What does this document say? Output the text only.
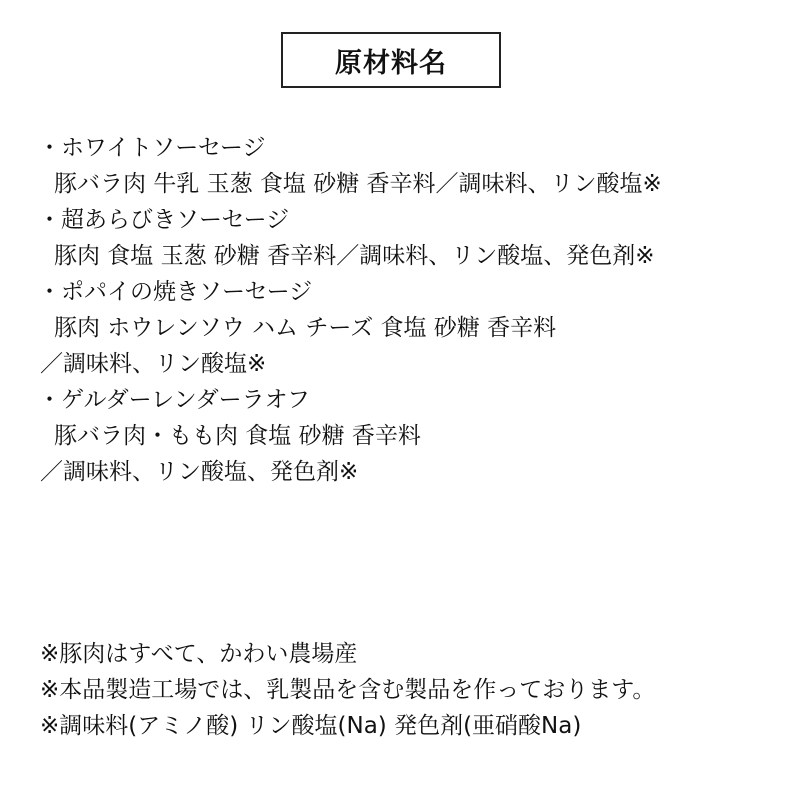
原材料名
・ホワイトソーセージ
豚バラ肉 牛乳 玉葱 食塩 砂糖 香辛料／調味料、リン酸塩※
・超あらびきソーセージ
豚肉 食塩 玉葱 砂糖 香辛料／調味料、リン酸塩、発色剤※
・ポパイの焼きソーセージ
豚肉 ホウレンソウ ハム チーズ 食塩 砂糖 香辛料
／調味料、リン酸塩※
・ゲルダーレンダーラオフ
豚バラ肉・もも肉 食塩 砂糖 香辛料
／調味料、リン酸塩、発色剤※
※豚肉はすべて、かわい農場産
※本品製造工場では、乳製品を含む製品を作っております。
※調味料(アミノ酸) リン酸塩(Na) 発色剤(亜硝酸Na)
